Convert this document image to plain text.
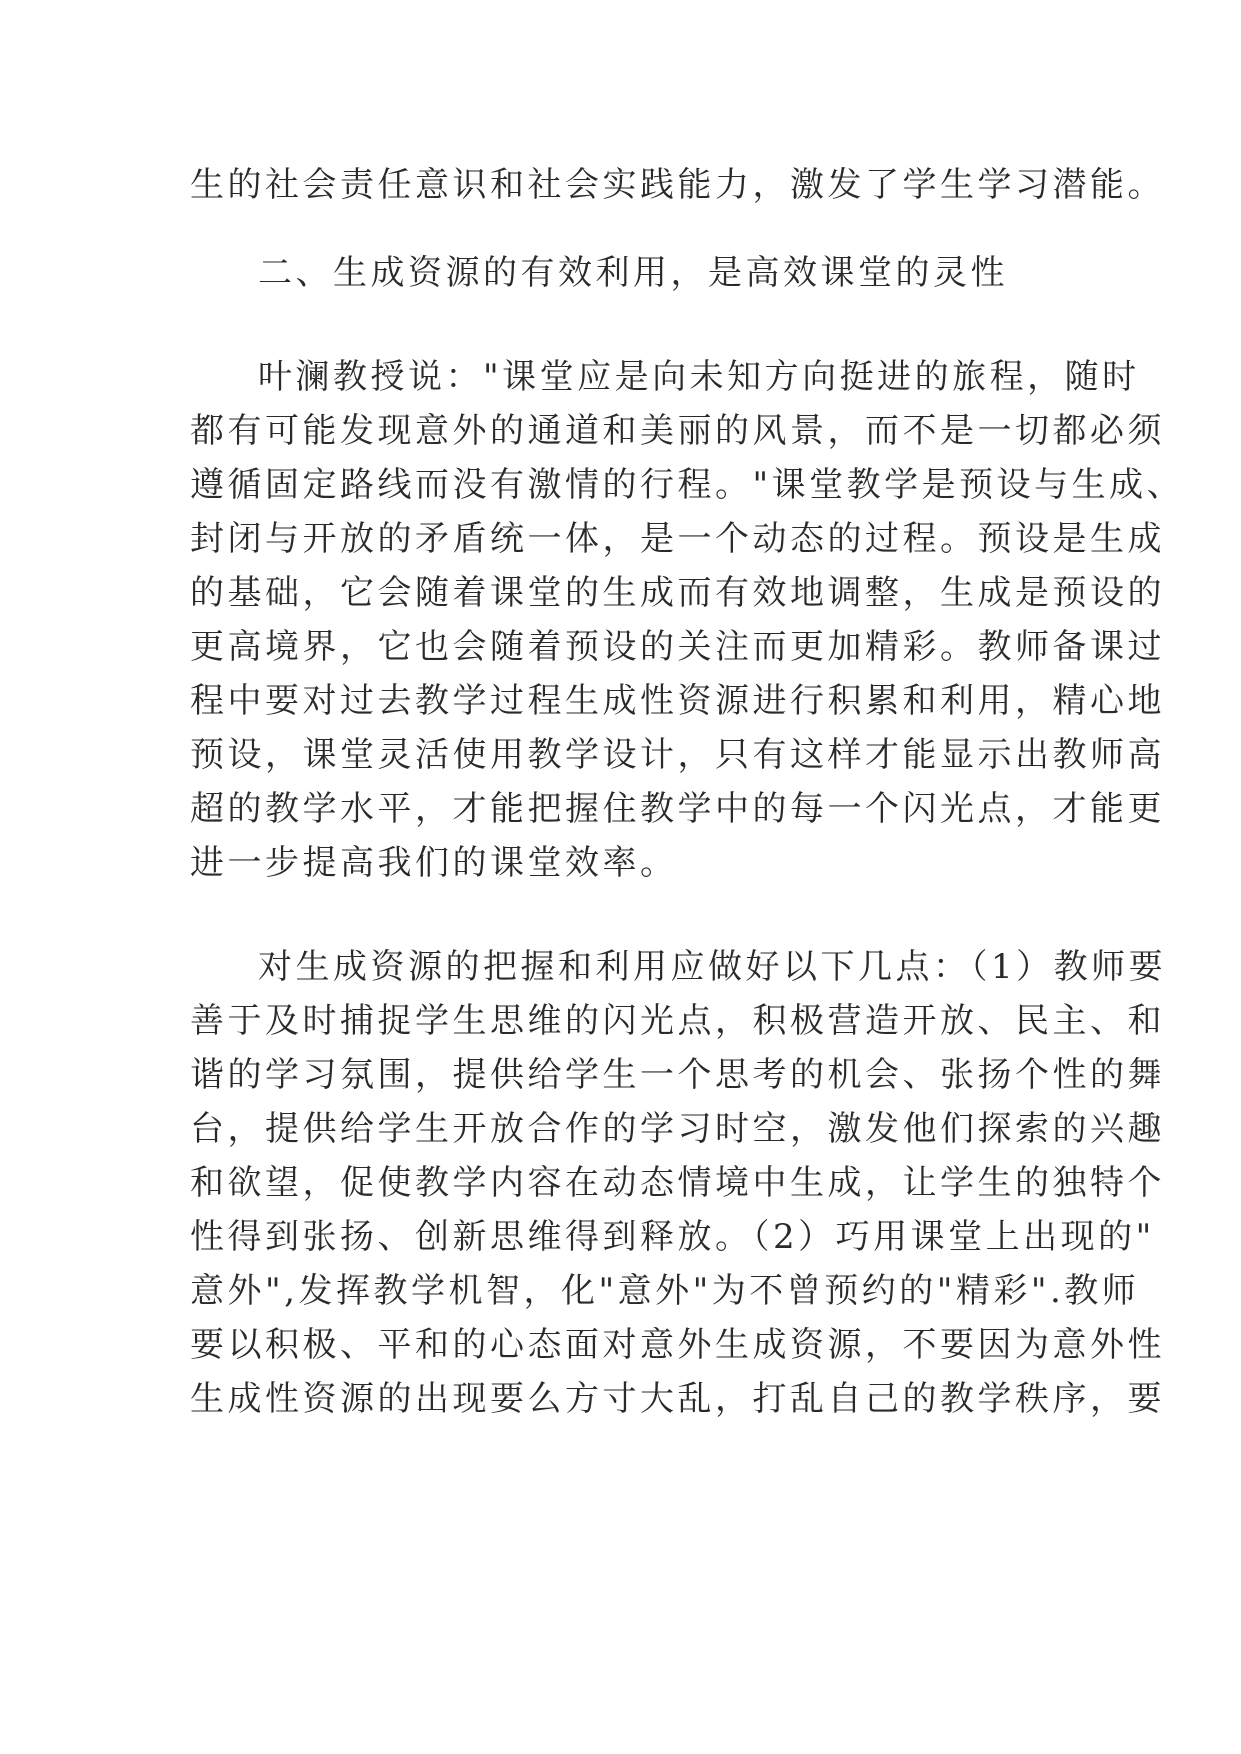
生的社会责任意识和社会实践能力，激发了学生学习潜能。
二、生成资源的有效利用，是高效课堂的灵性
叶澜教授说："课堂应是向未知方向挺进的旅程，随时
都有可能发现意外的通道和美丽的风景，而不是一切都必须
遵循固定路线而没有激情的行程。"课堂教学是预设与生成、
封闭与开放的矛盾统一体，是一个动态的过程。预设是生成
的基础，它会随着课堂的生成而有效地调整，生成是预设的
更高境界，它也会随着预设的关注而更加精彩。教师备课过
程中要对过去教学过程生成性资源进行积累和利用，精心地
预设，课堂灵活使用教学设计，只有这样才能显示出教师高
超的教学水平，才能把握住教学中的每一个闪光点，才能更
进一步提高我们的课堂效率。
对生成资源的把握和利用应做好以下几点：（1）教师要
善于及时捕捉学生思维的闪光点，积极营造开放、民主、和
谐的学习氛围，提供给学生一个思考的机会、张扬个性的舞
台，提供给学生开放合作的学习时空，激发他们探索的兴趣
和欲望，促使教学内容在动态情境中生成，让学生的独特个
性得到张扬、创新思维得到释放。（2）巧用课堂上出现的"
意外",发挥教学机智，化"意外"为不曾预约的"精彩".教师
要以积极、平和的心态面对意外生成资源，不要因为意外性
生成性资源的出现要么方寸大乱，打乱自己的教学秩序，要
